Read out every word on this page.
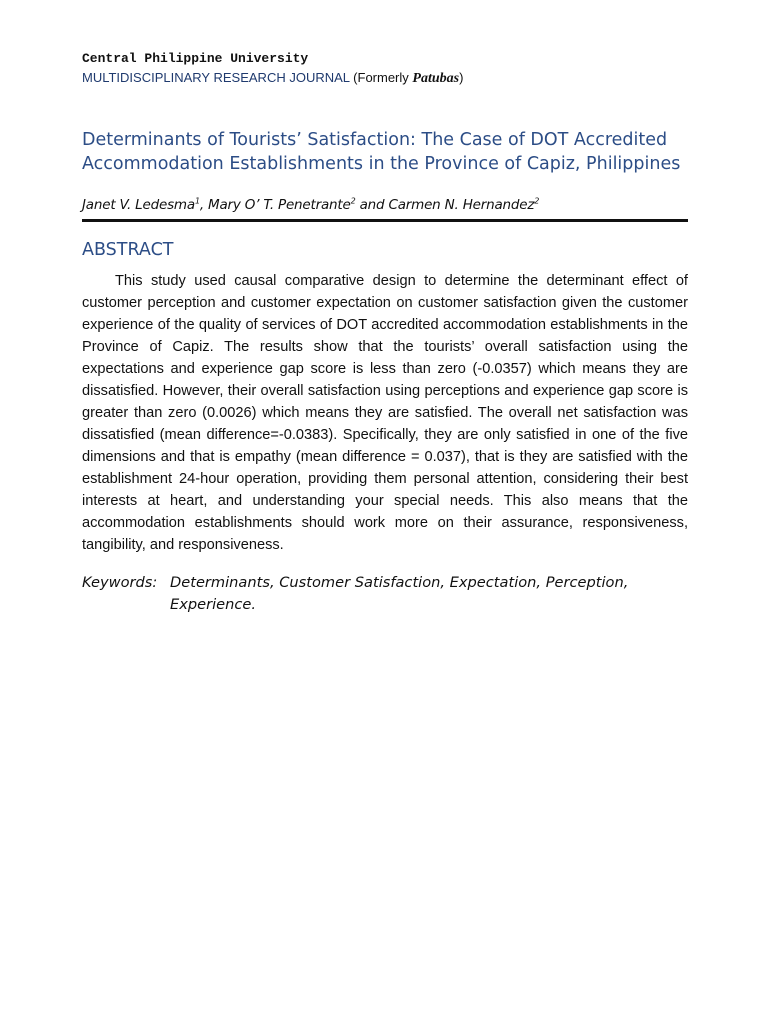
Central Philippine University

MULTIDISCIPLINARY RESEARCH JOURNAL (Formerly Patubas)

Determinants of Tourists’ Satisfaction: The Case of DOT Accredited Accommodation Establishments in the Province of Capiz, Philippines

Janet V. Ledesma$^1$, Mary O’ T. Penetrante$^2$ and Carmen N. Hernandez$^2$

ABSTRACT

This study used causal comparative design to determine the determinant effect of customer perception and customer expectation on customer satisfaction given the customer experience of the quality of services of DOT accredited accommodation establishments in the Province of Capiz. The results show that the tourists’ overall satisfaction using the expectations and experience gap score is less than zero (-0.0357) which means they are dissatisfied. However, their overall satisfaction using perceptions and experience gap score is greater than zero (0.0026) which means they are satisfied. The overall net satisfaction was dissatisfied (mean difference=-0.0383). Specifically, they are only satisfied in one of the five dimensions and that is empathy (mean difference = 0.037), that is they are satisfied with the establishment 24-hour operation, providing them personal attention, considering their best interests at heart, and understanding your special needs. This also means that the accommodation establishments should work more on their assurance, responsiveness, tangibility, and responsiveness.

Keywords: Determinants, Customer Satisfaction, Expectation, Perception, Experience.
